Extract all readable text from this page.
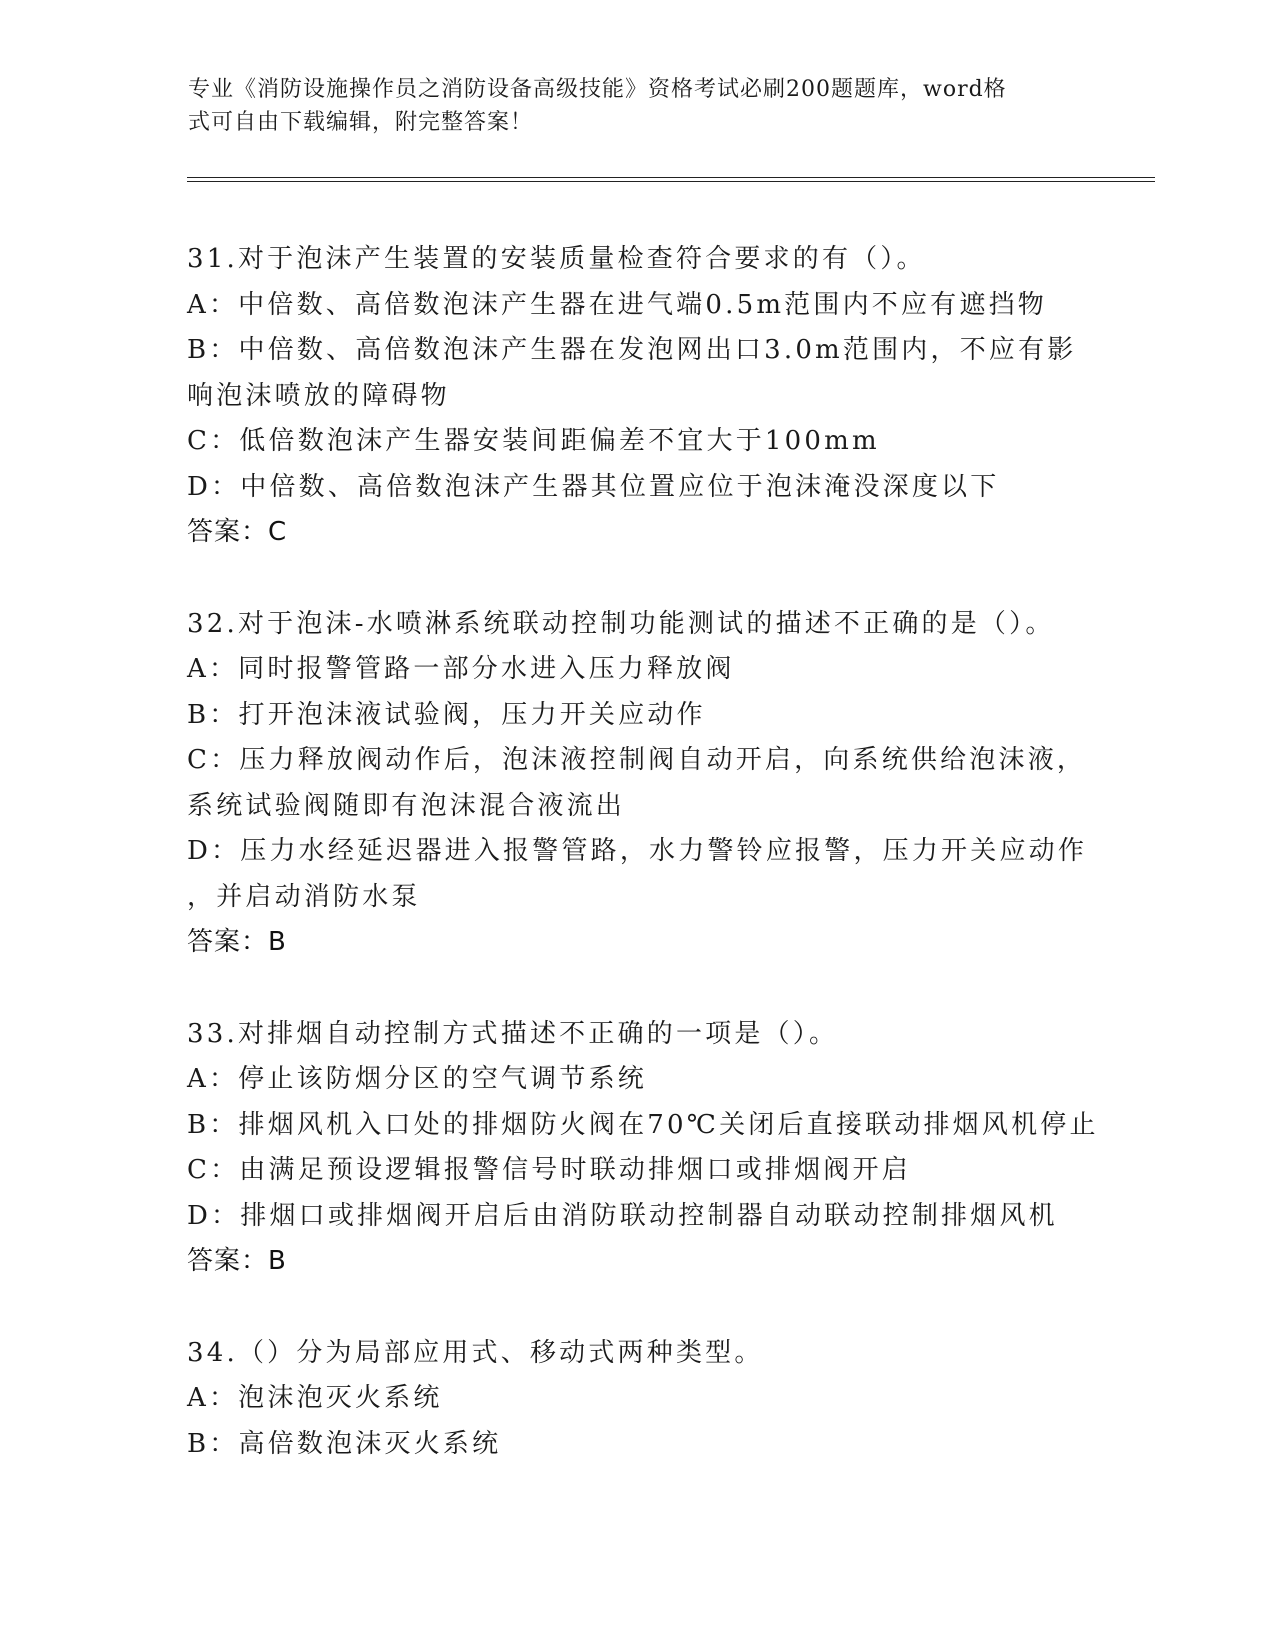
专业《消防设施操作员之消防设备高级技能》资格考试必刷200题题库，word格
式可自由下载编辑，附完整答案！
31.对于泡沫产生装置的安装质量检查符合要求的有（）。
A：中倍数、高倍数泡沫产生器在进气端0.5m范围内不应有遮挡物
B：中倍数、高倍数泡沫产生器在发泡网出口3.0m范围内，不应有影
响泡沫喷放的障碍物
C：低倍数泡沫产生器安装间距偏差不宜大于100mm
D：中倍数、高倍数泡沫产生器其位置应位于泡沫淹没深度以下
答案：C
32.对于泡沫-水喷淋系统联动控制功能测试的描述不正确的是（）。
A：同时报警管路一部分水进入压力释放阀
B：打开泡沫液试验阀，压力开关应动作
C：压力释放阀动作后，泡沫液控制阀自动开启，向系统供给泡沫液，
系统试验阀随即有泡沫混合液流出
D：压力水经延迟器进入报警管路，水力警铃应报警，压力开关应动作
，并启动消防水泵
答案：B
33.对排烟自动控制方式描述不正确的一项是（）。
A：停止该防烟分区的空气调节系统
B：排烟风机入口处的排烟防火阀在70℃关闭后直接联动排烟风机停止
C：由满足预设逻辑报警信号时联动排烟口或排烟阀开启
D：排烟口或排烟阀开启后由消防联动控制器自动联动控制排烟风机
答案：B
34.（）分为局部应用式、移动式两种类型。
A：泡沫泡灭火系统
B：高倍数泡沫灭火系统
